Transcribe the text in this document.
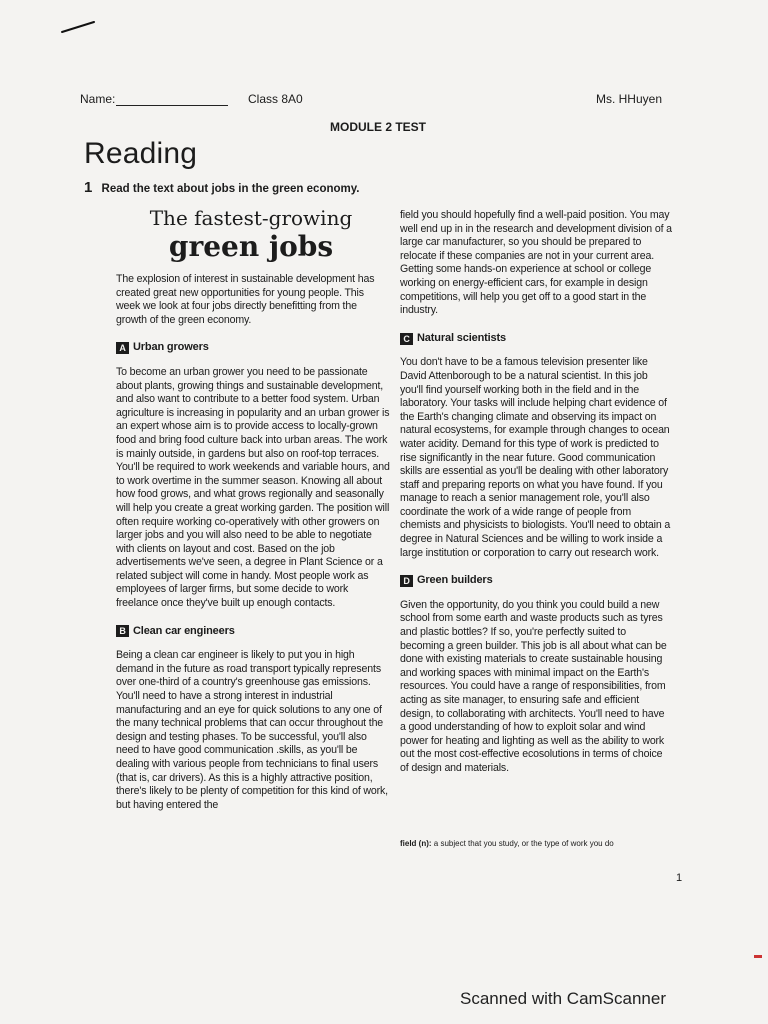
Name:	Class 8A0	Ms. HHuyen
MODULE 2 TEST
Reading
1 Read the text about jobs in the green economy.
The fastest-growing
green jobs

The explosion of interest in sustainable development has created great new opportunities for young people. This week we look at four jobs directly benefitting from the growth of the green economy.

A Urban growers

To become an urban grower you need to be passionate about plants, growing things and sustainable development, and also want to contribute to a better food system. Urban agriculture is increasing in popularity and an urban grower is an expert whose aim is to provide access to locally-grown food and bring food culture back into urban areas. The work is mainly outside, in gardens but also on roof-top terraces. You'll be required to work weekends and variable hours, and to work overtime in the summer season. Knowing all about how food grows, and what grows regionally and seasonally will help you create a great working garden. The position will often require working co-operatively with other growers on larger jobs and you will also need to be able to negotiate with clients on layout and cost. Based on the job advertisements we've seen, a degree in Plant Science or a related subject will come in handy. Most people work as employees of larger firms, but some decide to work freelance once they've built up enough contacts.

B Clean car engineers

Being a clean car engineer is likely to put you in high demand in the future as road transport typically represents over one-third of a country's greenhouse gas emissions. You'll need to have a strong interest in industrial manufacturing and an eye for quick solutions to any one of the many technical problems that can occur throughout the design and testing phases. To be successful, you'll also need to have good communication .skills, as you'll be dealing with various people from technicians to final users (that is, car drivers). As this is a highly attractive position, there's likely to be plenty of competition for this kind of work, but having entered the

field you should hopefully find a well-paid position. You may well end up in in the research and development division of a large car manufacturer, so you should be prepared to relocate if these companies are not in your current area. Getting some hands-on experience at school or college working on energy-efficient cars, for example in design competitions, will help you get off to a good start in the industry.

C Natural scientists

You don't have to be a famous television presenter like David Attenborough to be a natural scientist. In this job you'll find yourself working both in the field and in the laboratory. Your tasks will include helping chart evidence of the Earth's changing climate and observing its impact on natural ecosystems, for example through changes to ocean water acidity. Demand for this type of work is predicted to rise significantly in the near future. Good communication skills are essential as you'll be dealing with other laboratory staff and preparing reports on what you have found. If you manage to reach a senior management role, you'll also coordinate the work of a wide range of people from chemists and physicists to biologists. You'll need to obtain a degree in Natural Sciences and be willing to work inside a large institution or corporation to carry out research work.

D Green builders

Given the opportunity, do you think you could build a new school from some earth and waste products such as tyres and plastic bottles? If so, you're perfectly suited to becoming a green builder. This job is all about what can be done with existing materials to create sustainable housing and working spaces with minimal impact on the Earth's resources. You could have a range of responsibilities, from acting as site manager, to ensuring safe and efficient design, to collaborating with architects. You'll need to have a good understanding of how to exploit solar and wind power for heating and lighting as well as the ability to work out the most cost-effective ecosolutions in terms of choice of design and materials.

field (n): a subject that you study, or the type of work you do
1
Scanned with CamScanner
